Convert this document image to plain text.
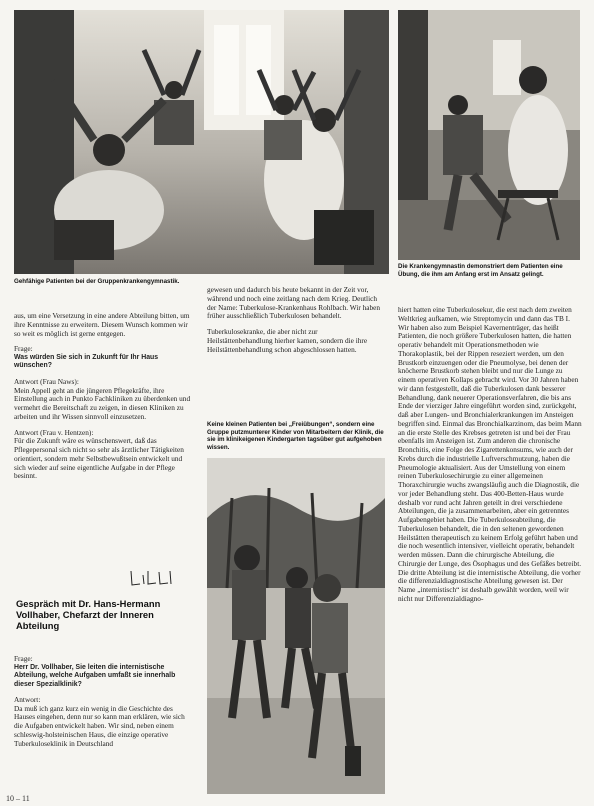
Gehfähige Patienten bei der Gruppenkrankengymnastik.
Die Krankengymnastin demonstriert dem Patienten eine Übung, die ihm am Anfang erst im Ansatz gelingt.
Keine kleinen Patienten bei „Freiübungen“, sondern eine Gruppe putzmunterer Kinder von Mitarbeitern der Klinik, die sie im klinikeigenen Kindergarten tagsüber gut aufgehoben wissen.

aus, um eine Versetzung in eine andere Abteilung bitten, um ihre Kenntnisse zu erweitern. Diesem Wunsch kommen wir so weit es möglich ist gerne entgegen.

Frage:
Was würden Sie sich in Zukunft für Ihr Haus wünschen?

Antwort (Frau Naws):
Mein Appell geht an die jüngeren Pflegekräfte, ihre Einstellung auch in Punkto Fachkliniken zu überdenken und vermehrt die Bereitschaft zu zeigen, in diesen Kliniken zu arbeiten und ihr Wissen sinnvoll einzusetzen.

Antwort (Frau v. Hentzen):
Für die Zukunft wäre es wünschenswert, daß das Pflegepersonal sich nicht so sehr als ärztlicher Tätigkeiten orientiert, sondern mehr Selbstbewußtsein entwickelt und sich wieder auf seine eigentliche Aufgabe in der Pflege besinnt.

Gespräch mit Dr. Hans-Hermann Vollhaber, Chefarzt der Inneren Abteilung

Frage:
Herr Dr. Vollhaber, Sie leiten die internistische Abteilung, welche Aufgaben umfaßt sie innerhalb dieser Spezialklinik?

Antwort:
Da muß ich ganz kurz ein wenig in die Geschichte des Hauses eingehen, denn nur so kann man erklären, wie sich die Aufgaben entwickelt haben. Wir sind, neben einem schleswig-holsteinischen Haus, die einzige operative Tuberkuloseklinik in Deutschland

gewesen und dadurch bis heute bekannt in der Zeit vor, während und noch eine zeitlang nach dem Krieg. Deutlich der Name: Tuberkulose-Krankenhaus Rohlbach. Wir haben früher ausschließlich Tuberkulosen behandelt.

Tuberkulosekranke, die aber nicht zur Heilstättenbehandlung hierher kamen, sondern die ihre Heilstättenbehandlung schon abgeschlossen hatten.

hiert hatten eine Tuberkulosekur, die erst nach dem zweiten Weltkrieg aufkamen, wie Streptomycin und dann das TB I. Wir haben also zum Beispiel Kavernenträger, das heißt Patienten, die noch größere Tuberkulosen hatten, die hatten operativ behandelt mit Operationsmethoden wie Thorakoplastik, bei der Rippen reseziert werden, um den Brustkorb einzuengen oder die Pneumolyse, bei denen der knöcherne Brustkorb stehen bleibt und nur die Lunge zu einem operativen Kollaps gebracht wird. Vor 30 Jahren haben wir dann festgestellt, daß die Tuberkulosen dank besserer Behandlung, dank neuerer Operationsverfahren, die bis ans Ende der vierziger Jahre eingeführt worden sind, zurückgeht, daß aber Lungen- und Bronchialerkrankungen im Ansteigen begriffen sind. Einmal das Bronchialkarzinom, das beim Mann an die erste Stelle des Krebses getreten ist und bei der Frau ebenfalls im Ansteigen ist. Zum anderen die chronische Bronchitis, eine Folge des Zigarettenkonsums, wie auch der Krebs durch die industrielle Luftverschmutzung, haben die Pneumologie aktualisiert. Aus der Umstellung von einem reinen Tuberkulosechirurgie zu einer allgemeinen Thoraxchirurgie wuchs zwangsläufig auch die Diagnostik, die vor jeder Behandlung steht. Das 400-Betten-Haus wurde deshalb vor rund acht Jahren geteilt in drei verschiedene Abteilungen, die ja zusammenarbeiten, aber ein getrenntes Aufgabengebiet haben. Die Tuberkuloseabteilung, die Tuberkulosen behandelt, die in den seltenen gewordenen Heilstätten therapeutisch zu keinem Erfolg geführt haben und die noch wesentlich intensiver, vielleicht operativ, behandelt werden müssen. Dann die chirurgische Abteilung, die Chirurgie der Lunge, des Ösophagus und des Gefäßes betreibt. Die dritte Abteilung ist die internistische Abteilung, die vorher die differenzialdiagnostische Abteilung gewesen ist. Der Name „internistisch“ ist deshalb gewählt worden, weil wir nicht nur Differenzialdiagno-

10 – 11
